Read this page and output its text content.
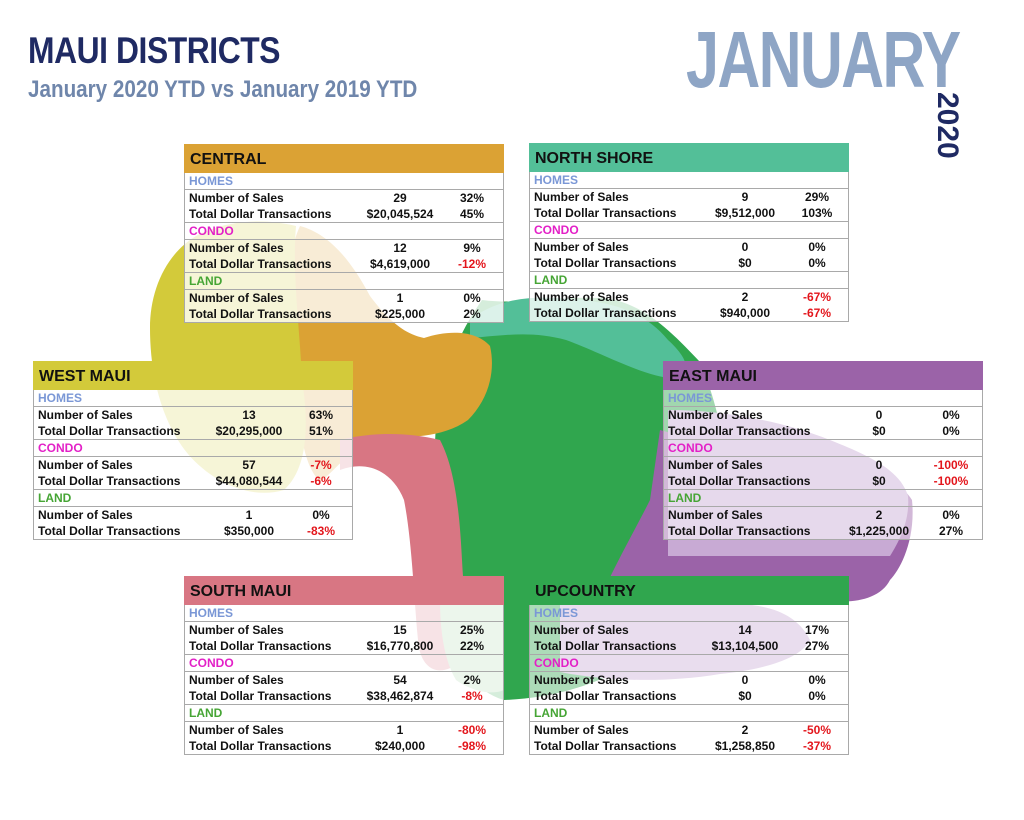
MAUI DISTRICTS
January 2020 YTD vs January 2019 YTD	JANUARY
2020
CENTRAL
HOMES
Number of Sales	29	32%
Total Dollar Transactions	$20,045,524	45%
CONDO
Number of Sales	12	9%
Total Dollar Transactions	$4,619,000	-12%
LAND
Number of Sales	1	0%
Total Dollar Transactions	$225,000	2%
NORTH SHORE
HOMES
Number of Sales	9	29%
Total Dollar Transactions	$9,512,000	103%
CONDO
Number of Sales	0	0%
Total Dollar Transactions	$0	0%
LAND
Number of Sales	2	-67%
Total Dollar Transactions	$940,000	-67%
WEST MAUI
HOMES
Number of Sales	13	63%
Total Dollar Transactions	$20,295,000	51%
CONDO
Number of Sales	57	-7%
Total Dollar Transactions	$44,080,544	-6%
LAND
Number of Sales	1	0%
Total Dollar Transactions	$350,000	-83%
EAST MAUI
HOMES
Number of Sales	0	0%
Total Dollar Transactions	$0	0%
CONDO
Number of Sales	0	-100%
Total Dollar Transactions	$0	-100%
LAND
Number of Sales	2	0%
Total Dollar Transactions	$1,225,000	27%
SOUTH MAUI
HOMES
Number of Sales	15	25%
Total Dollar Transactions	$16,770,800	22%
CONDO
Number of Sales	54	2%
Total Dollar Transactions	$38,462,874	-8%
LAND
Number of Sales	1	-80%
Total Dollar Transactions	$240,000	-98%
UPCOUNTRY
HOMES
Number of Sales	14	17%
Total Dollar Transactions	$13,104,500	27%
CONDO
Number of Sales	0	0%
Total Dollar Transactions	$0	0%
LAND
Number of Sales	2	-50%
Total Dollar Transactions	$1,258,850	-37%
